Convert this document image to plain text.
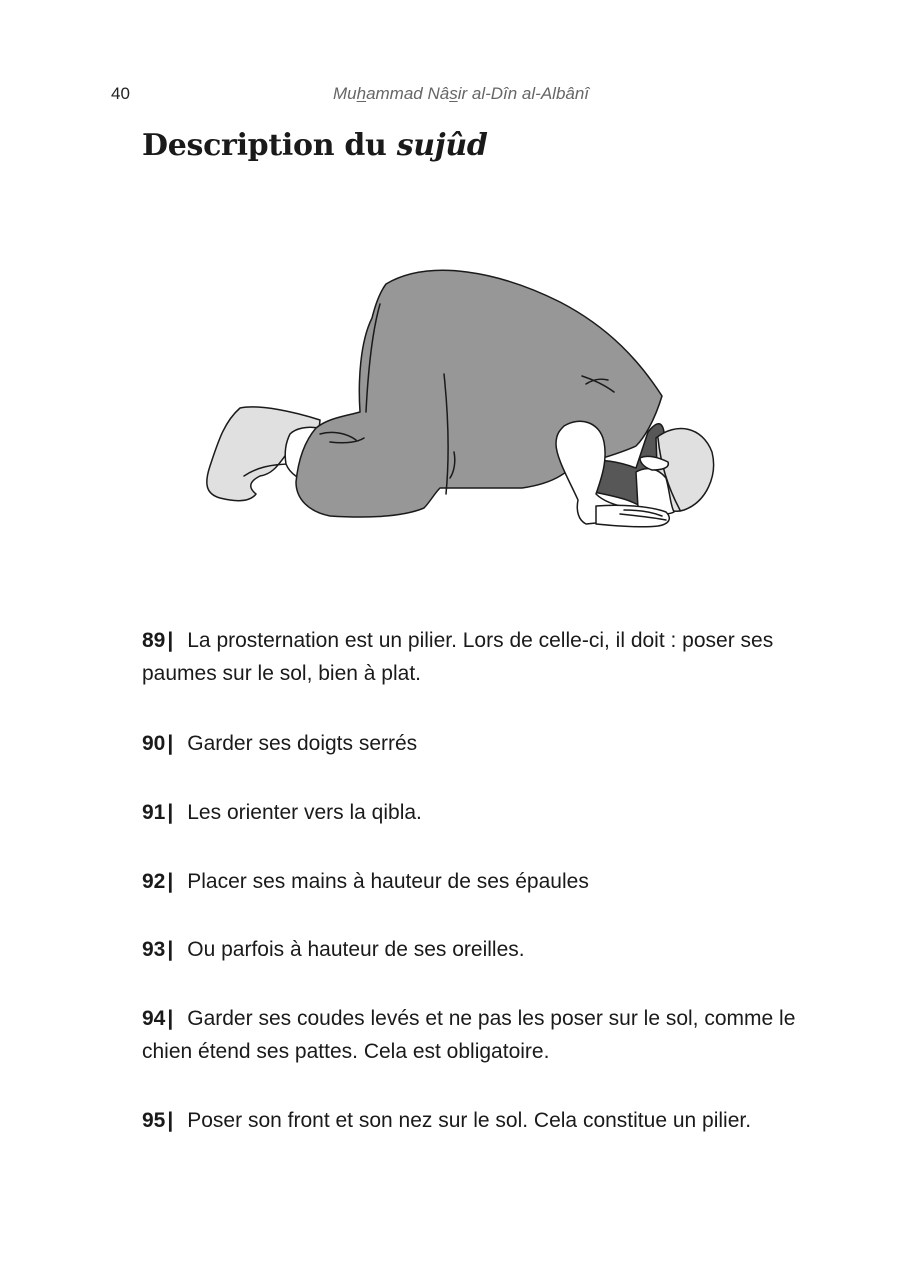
40	Muhammad Nâsir al-Dîn al-Albânî
Description du sujûd

89| La prosternation est un pilier. Lors de celle-ci, il doit : poser ses paumes sur le sol, bien à plat.

90| Garder ses doigts serrés

91| Les orienter vers la qibla.

92| Placer ses mains à hauteur de ses épaules

93| Ou parfois à hauteur de ses oreilles.

94| Garder ses coudes levés et ne pas les poser sur le sol, comme le chien étend ses pattes. Cela est obligatoire.

95| Poser son front et son nez sur le sol. Cela constitue un pilier.
